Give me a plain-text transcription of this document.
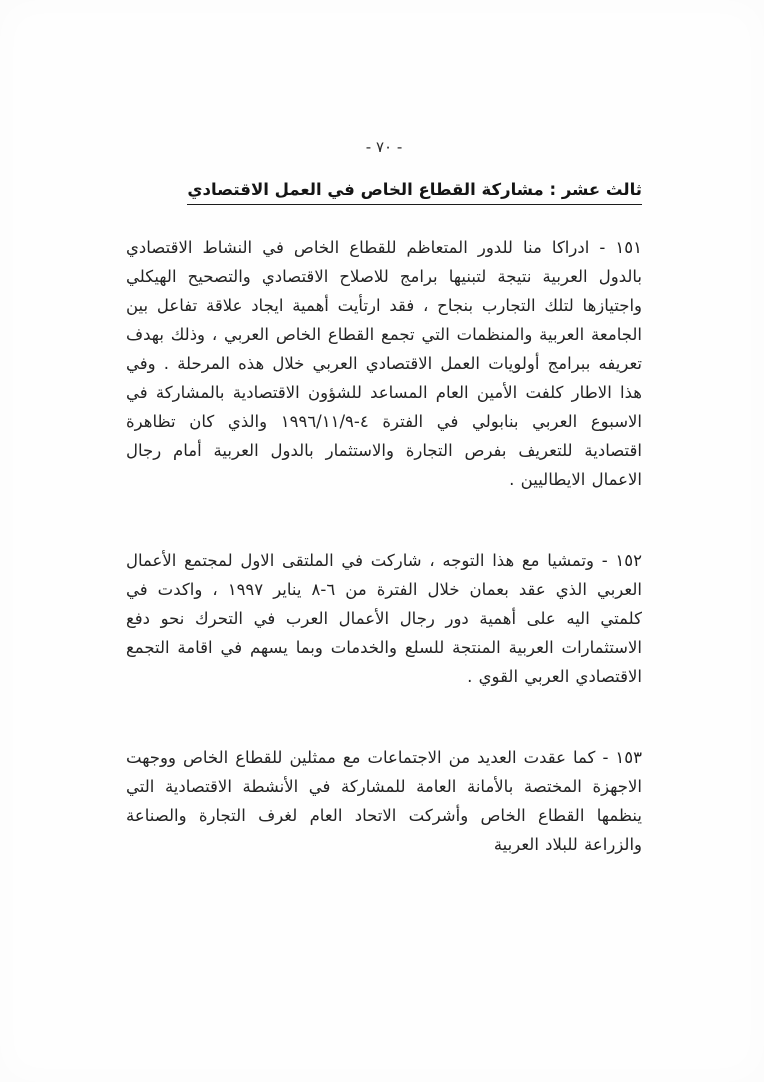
- ٧٠ -
ثالث عشر : مشاركة القطاع الخاص في العمل الاقتصادي

١٥١ - ادراكا منا للدور المتعاظم للقطاع الخاص في النشاط الاقتصادي بالدول العربية نتيجة لتبنيها برامج للاصلاح الاقتصادي والتصحيح الهيكلي واجتيازها لتلك التجارب بنجاح ، فقد ارتأيت أهمية ايجاد علاقة تفاعل بين الجامعة العربية والمنظمات التي تجمع القطاع الخاص العربي ، وذلك بهدف تعريفه ببرامج أولويات العمل الاقتصادي العربي خلال هذه المرحلة . وفي هذا الاطار كلفت الأمين العام المساعد للشؤون الاقتصادية بالمشاركة في الاسبوع العربي بنابولي في الفترة ٤-١٩٩٦/١١/٩ والذي كان تظاهرة اقتصادية للتعريف بفرص التجارة والاستثمار بالدول العربية أمام رجال الاعمال الايطاليين .

١٥٢ - وتمشيا مع هذا التوجه ، شاركت في الملتقى الاول لمجتمع الأعمال العربي الذي عقد بعمان خلال الفترة من ٦-٨ يناير ١٩٩٧ ، واكدت في كلمتي اليه على أهمية دور رجال الأعمال العرب في التحرك نحو دفع الاستثمارات العربية المنتجة للسلع والخدمات وبما يسهم في اقامة التجمع الاقتصادي العربي القوي .

١٥٣ - كما عقدت العديد من الاجتماعات مع ممثلين للقطاع الخاص ووجهت الاجهزة المختصة بالأمانة العامة للمشاركة في الأنشطة الاقتصادية التي ينظمها القطاع الخاص وأشركت الاتحاد العام لغرف التجارة والصناعة والزراعة للبلاد العربية
